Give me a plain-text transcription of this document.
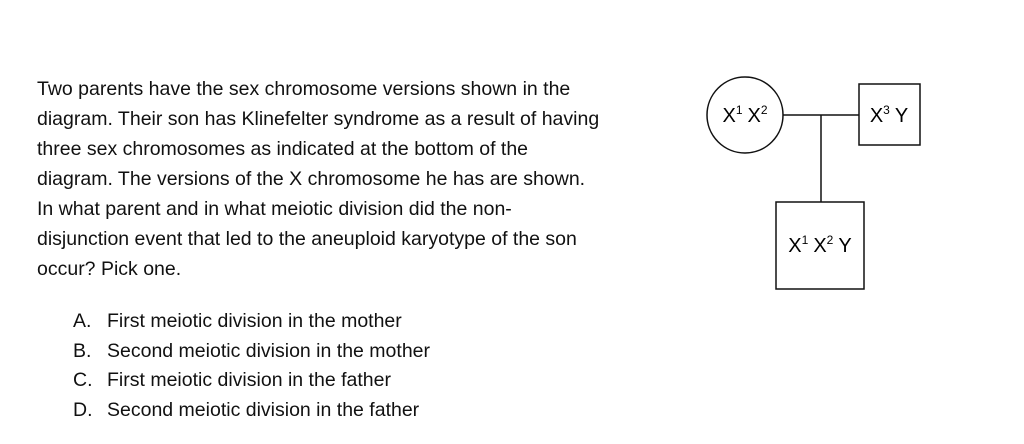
Two parents have the sex chromosome versions shown in the
diagram. Their son has Klinefelter syndrome as a result of having
three sex chromosomes as indicated at the bottom of the
diagram. The versions of the X chromosome he has are shown.
In what parent and in what meiotic division did the non-
disjunction event that led to the aneuploid karyotype of the son
occur? Pick one.
A. First meiotic division in the mother
B. Second meiotic division in the mother
C. First meiotic division in the father
D. Second meiotic division in the father
$X^1$ $X^2$	$X^3$ Y
$X^1$ $X^2$ Y
